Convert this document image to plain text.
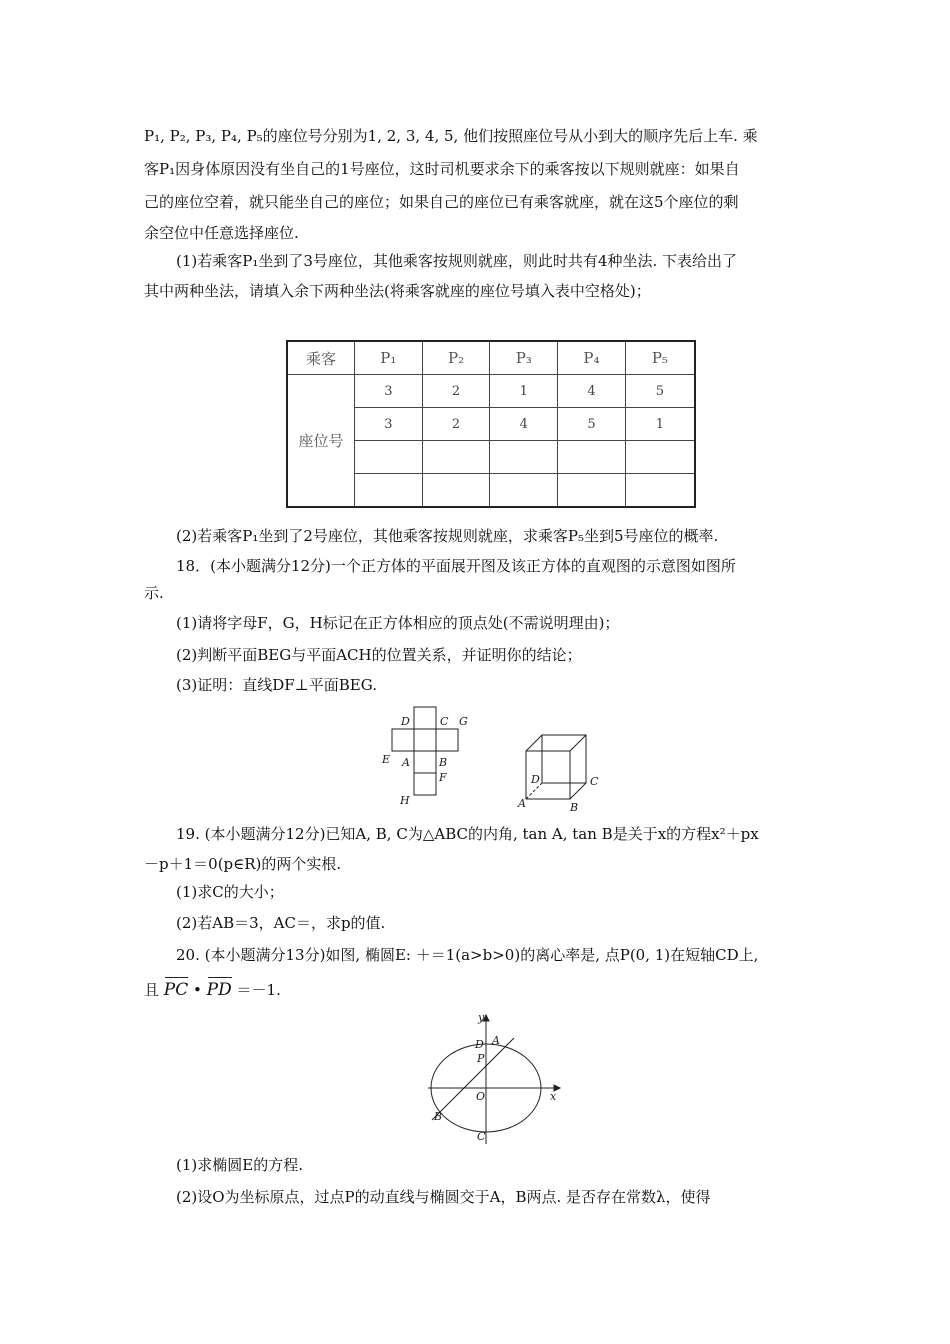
P₁, P₂, P₃, P₄, P₅的座位号分别为1, 2, 3, 4, 5, 他们按照座位号从小到大的顺序先后上车. 乘
客P₁因身体原因没有坐自己的1号座位，这时司机要求余下的乘客按以下规则就座：如果自
己的座位空着，就只能坐自己的座位；如果自己的座位已有乘客就座，就在这5个座位的剩
余空位中任意选择座位.
(1)若乘客P₁坐到了3号座位，其他乘客按规则就座，则此时共有4种坐法. 下表给出了
其中两种坐法，请填入余下两种坐法(将乘客就座的座位号填入表中空格处)；
乘客	P₁	P₂	P₃	P₄	P₅
座位号	3	2	1	4	5
	3	2	4	5	1

(2)若乘客P₁坐到了2号座位，其他乘客按规则就座，求乘客P₅坐到5号座位的概率.
18．(本小题满分12分)一个正方体的平面展开图及该正方体的直观图的示意图如图所
示.
(1)请将字母F，G，H标记在正方体相应的顶点处(不需说明理由)；
(2)判断平面BEG与平面ACH的位置关系，并证明你的结论；
(3)证明：直线DF⊥平面BEG.
D	C G
E A	B
F
H
D	C
A	B
19. (本小题满分12分)已知A, B, C为△ABC的内角, tan A, tan B是关于x的方程x²＋px
－p＋1＝0(p∈R)的两个实根.
(1)求C的大小；
(2)若AB＝3，AC＝，求p的值.
20. (本小题满分13分)如图, 椭圆E: ＋＝1(a>b>0)的离心率是, 点P(0, 1)在短轴CD上,
且 PC • PD ＝－1.
y
D A
P
O	x
B
C
(1)求椭圆E的方程.
(2)设O为坐标原点，过点P的动直线与椭圆交于A，B两点. 是否存在常数λ，使得
